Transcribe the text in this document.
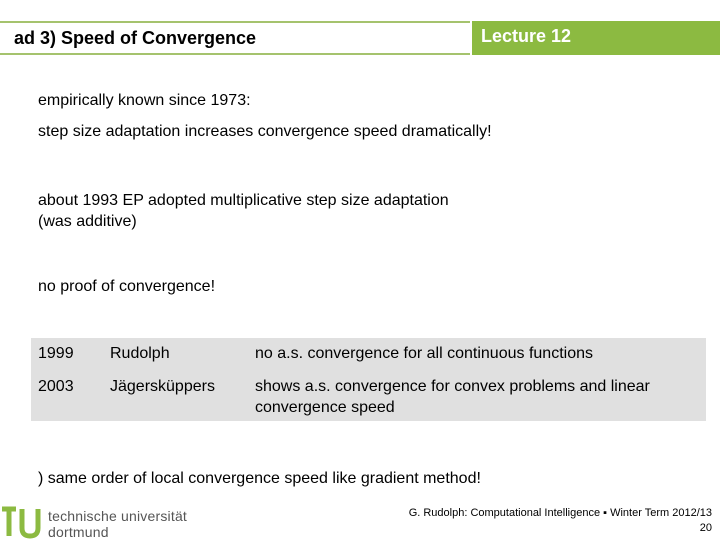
ad 3) Speed of Convergence	Lecture 12

empirically known since 1973:

step size adaptation increases convergence speed dramatically!

about 1993 EP adopted multiplicative step size adaptation

(was additive)

no proof of convergence!

1999 Rudolph	no a.s. convergence for all continuous functions
2003 Jägersküppers	shows a.s. convergence for convex problems and linear convergence speed

) same order of local convergence speed like gradient method!

technische universität
dortmund
G. Rudolph: Computational Intelligence ▪ Winter Term 2012/13
20
